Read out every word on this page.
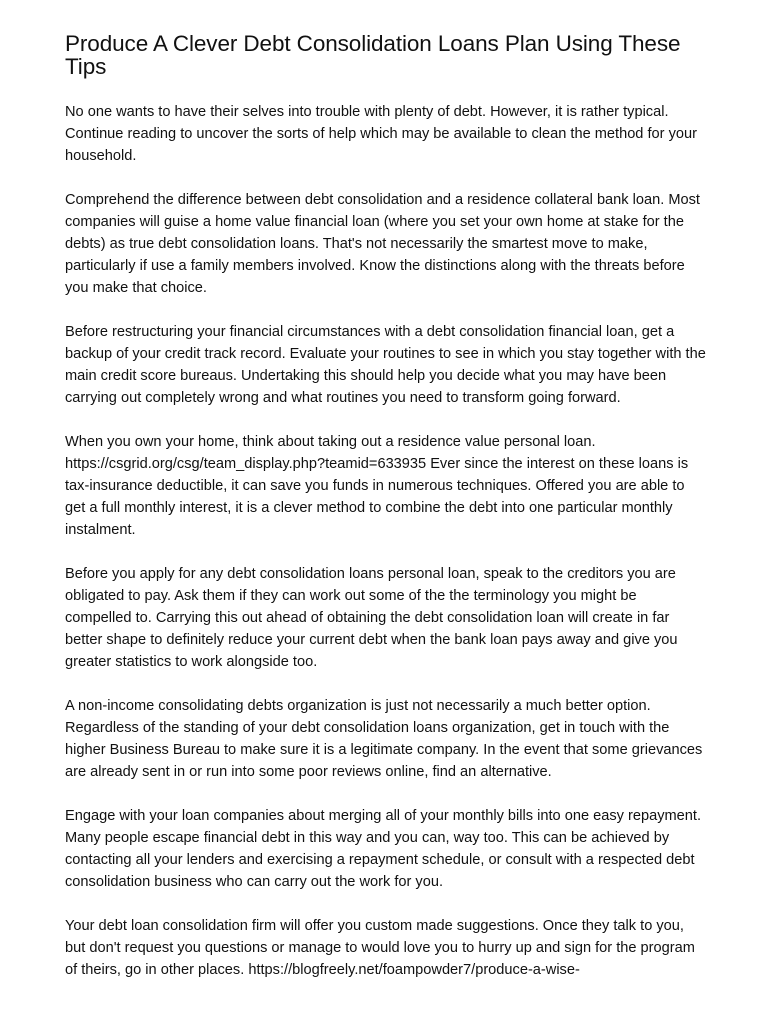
Produce A Clever Debt Consolidation Loans Plan Using These Tips

No one wants to have their selves into trouble with plenty of debt. However, it is rather typical. Continue reading to uncover the sorts of help which may be available to clean the method for your household.

Comprehend the difference between debt consolidation and a residence collateral bank loan. Most companies will guise a home value financial loan (where you set your own home at stake for the debts) as true debt consolidation loans. That's not necessarily the smartest move to make, particularly if use a family members involved. Know the distinctions along with the threats before you make that choice.

Before restructuring your financial circumstances with a debt consolidation financial loan, get a backup of your credit track record. Evaluate your routines to see in which you stay together with the main credit score bureaus. Undertaking this should help you decide what you may have been carrying out completely wrong and what routines you need to transform going forward.

When you own your home, think about taking out a residence value personal loan. https://csgrid.org/csg/team_display.php?teamid=633935 Ever since the interest on these loans is tax-insurance deductible, it can save you funds in numerous techniques. Offered you are able to get a full monthly interest, it is a clever method to combine the debt into one particular monthly instalment.

Before you apply for any debt consolidation loans personal loan, speak to the creditors you are obligated to pay. Ask them if they can work out some of the the terminology you might be compelled to. Carrying this out ahead of obtaining the debt consolidation loan will create in far better shape to definitely reduce your current debt when the bank loan pays away and give you greater statistics to work alongside too.

A non-income consolidating debts organization is just not necessarily a much better option. Regardless of the standing of your debt consolidation loans organization, get in touch with the higher Business Bureau to make sure it is a legitimate company. In the event that some grievances are already sent in or run into some poor reviews online, find an alternative.

Engage with your loan companies about merging all of your monthly bills into one easy repayment. Many people escape financial debt in this way and you can, way too. This can be achieved by contacting all your lenders and exercising a repayment schedule, or consult with a respected debt consolidation business who can carry out the work for you.

Your debt loan consolidation firm will offer you custom made suggestions. Once they talk to you, but don't request you questions or manage to would love you to hurry up and sign for the program of theirs, go in other places. https://blogfreely.net/foampowder7/produce-a-wise-
